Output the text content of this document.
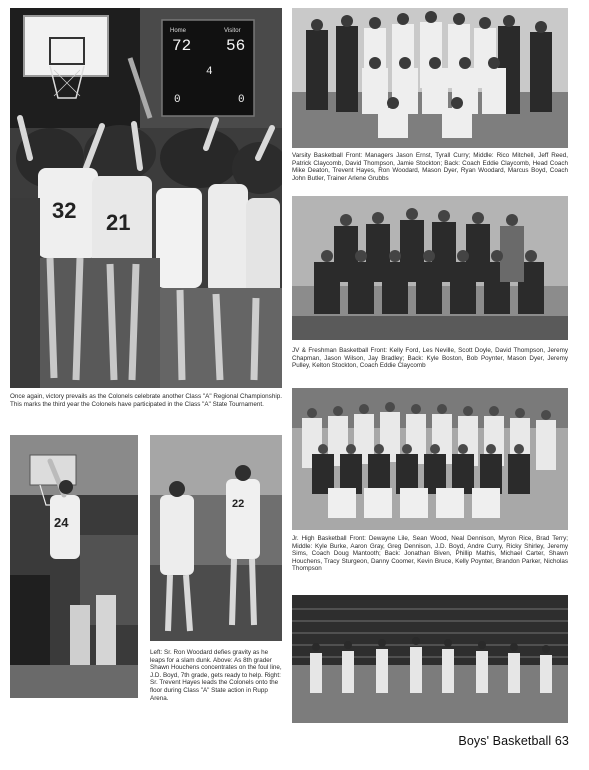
Home	Visitor
72 56
4
0	0
32 21

Once again, victory prevails as the Colonels celebrate another Class "A" Regional Championship. This marks the third year the Colonels have participated in the Class "A" State Tournament.

Varsity Basketball Front: Managers Jason Ernst, Tyrall Curry; Middle: Rico Mitchell, Jeff Reed, Patrick Claycomb, David Thompson, Jamie Stockton; Back: Coach Eddie Claycomb, Head Coach Mike Deaton, Trevent Hayes, Ron Woodard, Mason Dyer, Ryan Woodard, Marcus Boyd, Coach John Butler, Trainer Arlene Grubbs

JV & Freshman Basketball Front: Kelly Ford, Les Neville, Scott Doyle, David Thompson, Jeremy Chapman, Jason Wilson, Jay Bradley; Back: Kyle Boston, Bob Poynter, Mason Dyer, Jeremy Pulley, Kelton Stockton, Coach Eddie Claycomb

Jr. High Basketball Front: Dewayne Lile, Sean Wood, Neal Dennison, Myron Rice, Brad Terry; Middle: Kyle Burke, Aaron Gray, Greg Dennison, J.D. Boyd, Andre Curry, Ricky Shirley, Jeremy Sims, Coach Doug Mantooth; Back: Jonathan Biven, Phillip Mathis, Michael Carter, Shawn Houchens, Tracy Sturgeon, Danny Coomer, Kevin Bruce, Kelly Poynter, Brandon Parker, Nicholas Thompson

24
22

Left: Sr. Ron Woodard defies gravity as he leaps for a slam dunk. Above: As 8th grader Shawn Houchens concentrates on the foul line, J.D. Boyd, 7th grade, gets ready to help. Right: Sr. Trevent Hayes leads the Colonels onto the floor during Class "A" State action in Rupp Arena.

Boys' Basketball 63
